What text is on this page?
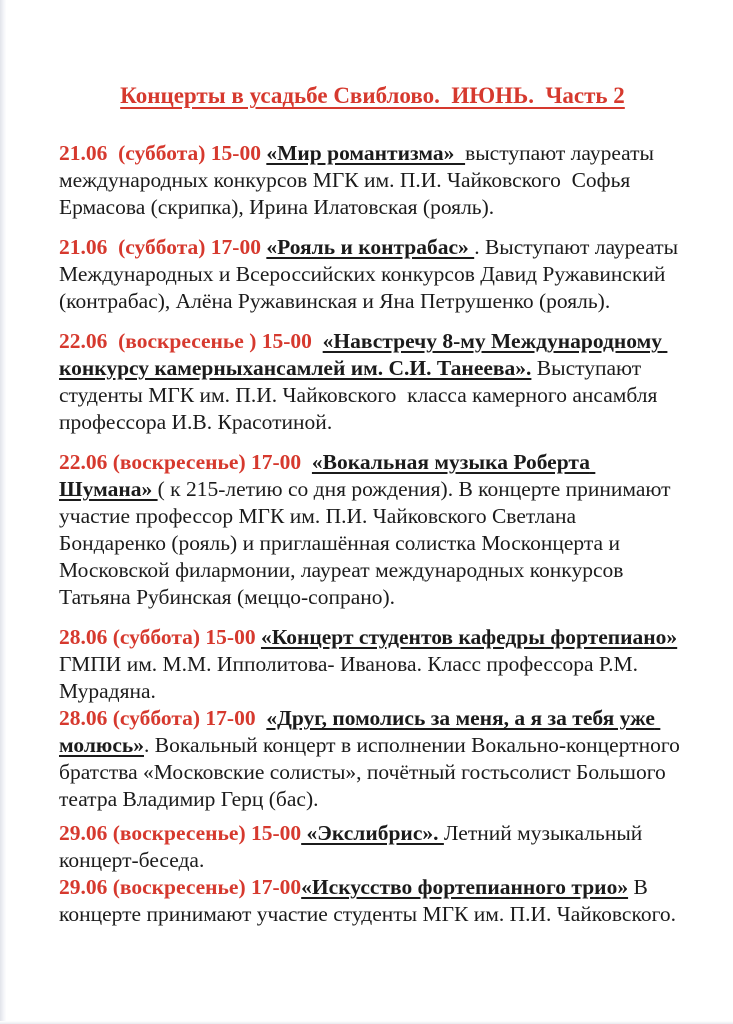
Концерты в усадьбе Свиблово.  ИЮНЬ.  Часть 2

21.06  (суббота) 15-00 «Мир романтизма»  выступают лауреаты международных конкурсов МГК им. П.И. Чайковского  Софья Ермасова (скрипка), Ирина Илатовская (рояль).

21.06  (суббота) 17-00 «Рояль и контрабас» . Выступают лауреаты Международных и Всероссийских конкурсов Давид Ружавинский (контрабас), Алёна Ружавинская и Яна Петрушенко (рояль).

22.06  (воскресенье ) 15-00  «Навстречу 8-му Международному конкурсу камерныхансамлей им. С.И. Танеева». Выступают студенты МГК им. П.И. Чайковского  класса камерного ансамбля профессора И.В. Красотиной.

22.06 (воскресенье) 17-00  «Вокальная музыка Роберта Шумана» ( к 215-летию со дня рождения). В концерте принимают участие профессор МГК им. П.И. Чайковского Светлана Бондаренко (рояль) и приглашённая солистка Москонцерта и Московской филармонии, лауреат международных конкурсов Татьяна Рубинская (меццо-сопрано).

28.06 (суббота) 15-00 «Концерт студентов кафедры фортепиано» ГМПИ им. М.М. Ипполитова- Иванова. Класс профессора Р.М. Мурадяна.

28.06 (суббота) 17-00  «Друг, помолись за меня, а я за тебя уже молюсь». Вокальный концерт в исполнении Вокально-концертного братства «Московские солисты», почётный гостьсолист Большого театра Владимир Герц (бас).

29.06 (воскресенье) 15-00 «Экслибрис». Летний музыкальный концерт-беседа.

29.06 (воскресенье) 17-00«Искусство фортепианного трио» В концерте принимают участие студенты МГК им. П.И. Чайковского.
